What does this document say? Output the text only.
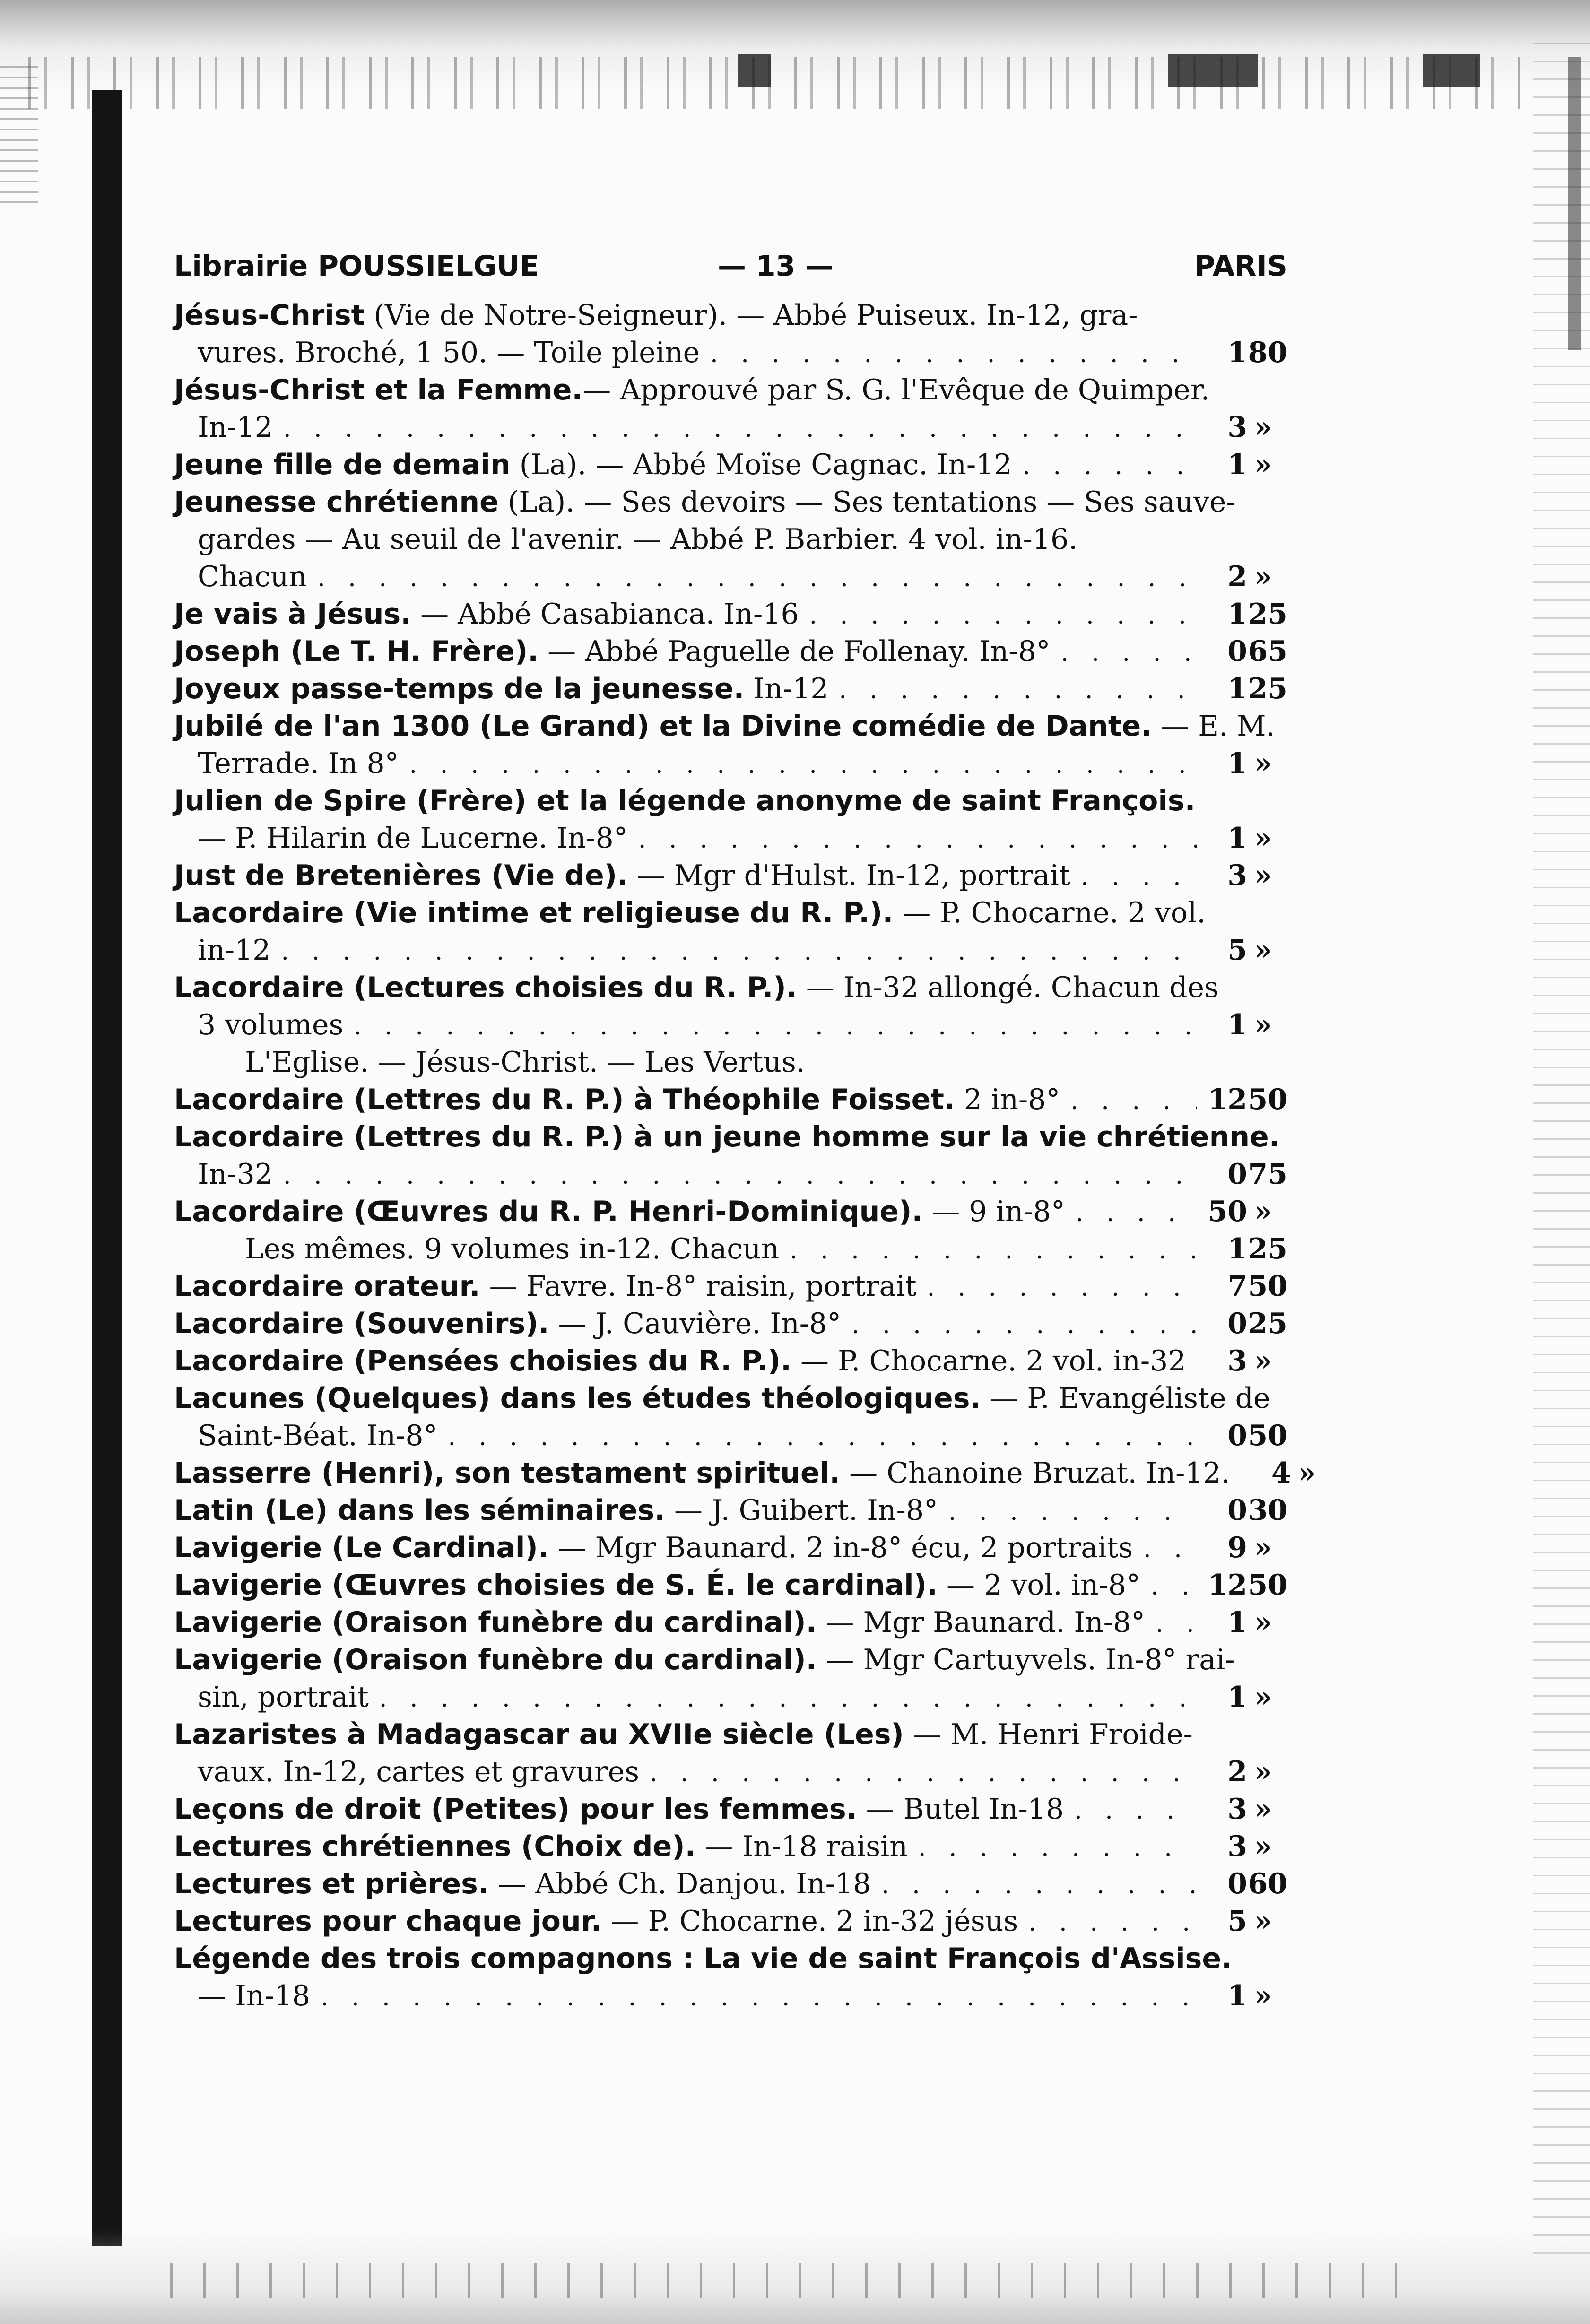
Librairie POUSSIELGUE	— 13 —	PARIS
Jésus-Christ (Vie de Notre-Seigneur). — Abbé Puiseux. In-12, gra-
vures. Broché, 1 50. — Toile pleine . . .	1 80
Jésus-Christ et la Femme. — Approuvé par S. G. l'Evêque de Quimper.
In-12 . . .	3 »
Jeune fille de demain (La). — Abbé Moïse Cagnac. In-12 . . .	1 »
Jeunesse chrétienne (La). — Ses devoirs — Ses tentations — Ses sauve-
gardes — Au seuil de l'avenir. — Abbé P. Barbier. 4 vol. in-16.
Chacun . . .	2 »
Je vais à Jésus. — Abbé Casabianca. In-16 . . .	1 25
Joseph (Le T. H. Frère). — Abbé Paguelle de Follenay. In-8° . . .	0 65
Joyeux passe-temps de la jeunesse. In-12 . . .	1 25
Jubilé de l'an 1300 (Le Grand) et la Divine comédie de Dante. — E. M.
Terrade. In 8° . . .	1 »
Julien de Spire (Frère) et la légende anonyme de saint François.
— P. Hilarin de Lucerne. In-8° . . .	1 »
Just de Bretenières (Vie de). — Mgr d'Hulst. In-12, portrait . . .	3 »
Lacordaire (Vie intime et religieuse du R. P.). — P. Chocarne. 2 vol.
in-12 . . .	5 »
Lacordaire (Lectures choisies du R. P.). — In-32 allongé. Chacun des
3 volumes . . .	1 »
L'Eglise. — Jésus-Christ. — Les Vertus.
Lacordaire (Lettres du R. P.) à Théophile Foisset. 2 in-8° . . .	12 50
Lacordaire (Lettres du R. P.) à un jeune homme sur la vie chrétienne.
In-32 . . .	0 75
Lacordaire (Œuvres du R. P. Henri-Dominique). — 9 in-8° . . .	50 »
Les mêmes. 9 volumes in-12. Chacun . . .	1 25
Lacordaire orateur. — Favre. In-8° raisin, portrait . . .	7 50
Lacordaire (Souvenirs). — J. Cauvière. In-8° . . .	0 25
Lacordaire (Pensées choisies du R. P.). — P. Chocarne. 2 vol. in-32 . . .	3 »
Lacunes (Quelques) dans les études théologiques. — P. Evangéliste de
Saint-Béat. In-8° . . .	0 50
Lasserre (Henri), son testament spirituel. — Chanoine Bruzat. In-12.	4 »
Latin (Le) dans les séminaires. — J. Guibert. In-8° . . .	0 30
Lavigerie (Le Cardinal). — Mgr Baunard. 2 in-8° écu, 2 portraits . . .	9 »
Lavigerie (Œuvres choisies de S. É. le cardinal). — 2 vol. in-8° . . . 12 50
Lavigerie (Oraison funèbre du cardinal). — Mgr Baunard. In-8° . . .	1 »
Lavigerie (Oraison funèbre du cardinal). — Mgr Cartuyvels. In-8° rai-
sin, portrait . . .	1 »
Lazaristes à Madagascar au XVIIe siècle (Les) — M. Henri Froide-
vaux. In-12, cartes et gravures . . .	2 »
Leçons de droit (Petites) pour les femmes. — Butel In-18 . . .	3 »
Lectures chrétiennes (Choix de). — In-18 raisin . . .	3 »
Lectures et prières. — Abbé Ch. Danjou. In-18 . . .	0 60
Lectures pour chaque jour. — P. Chocarne. 2 in-32 jésus . . .	5 »
Légende des trois compagnons : La vie de saint François d'Assise.
— In-18 . . .	1 »
